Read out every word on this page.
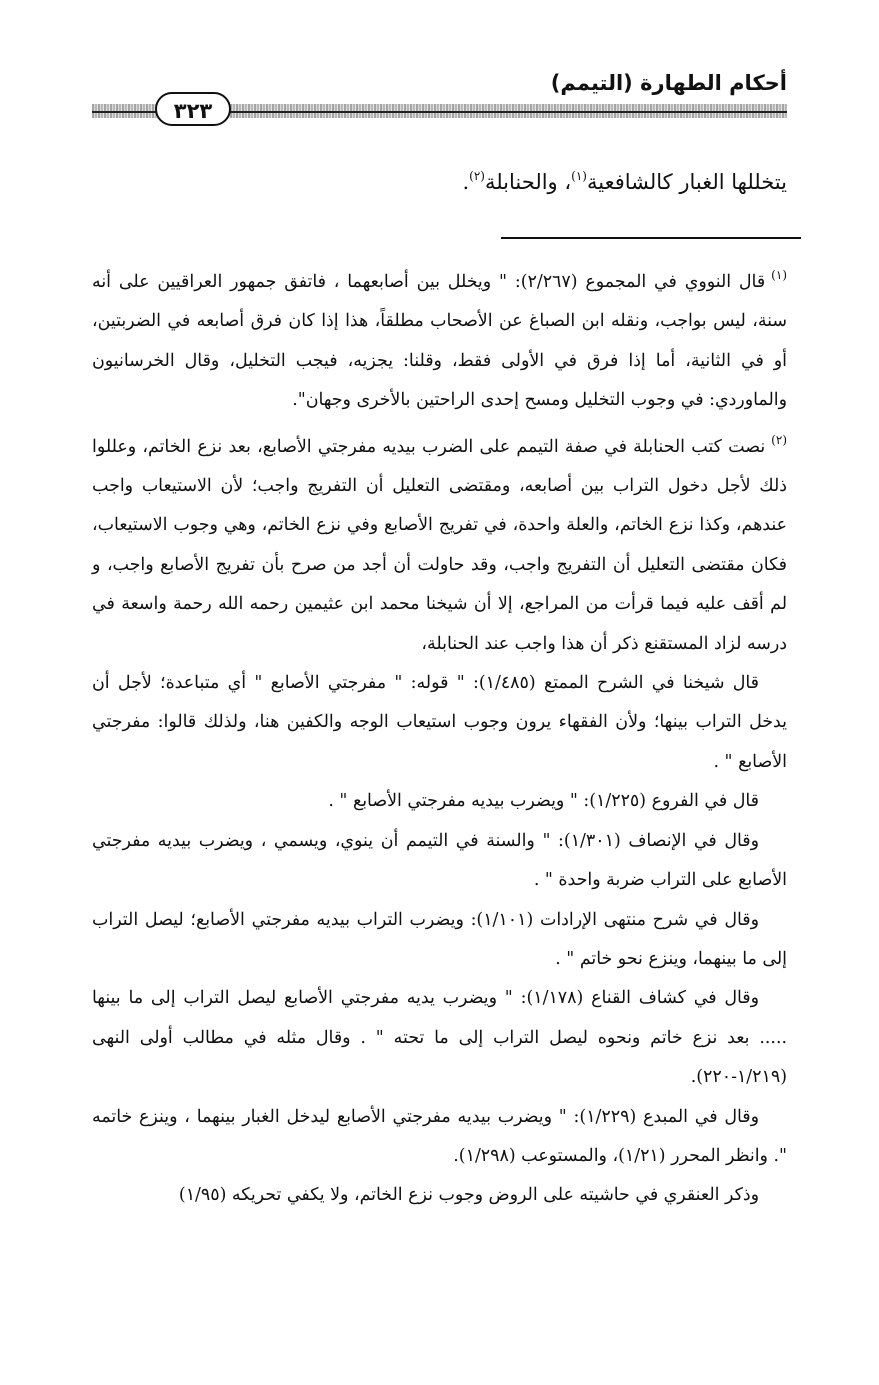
أحكام الطهارة (التيمم)
٣٢٣
يتخللها الغبار كالشافعية$^{(١)}$، والحنابلة$^{(٢)}$.

$^{(١)}$قال النووي في المجموع (٢/٢٦٧): " ويخلل بين أصابعهما ، فاتفق جمهور العراقيين على أنه سنة، ليس بواجب، ونقله ابن الصباغ عن الأصحاب مطلقاً، هذا إذا كان فرق أصابعه في الضربتين، أو في الثانية، أما إذا فرق في الأولى فقط، وقلنا: يجزيه، فيجب التخليل، وقال الخرسانيون والماوردي: في وجوب التخليل ومسح إحدى الراحتين بالأخرى وجهان".

$^{(٢)}$نصت كتب الحنابلة في صفة التيمم على الضرب بيديه مفرجتي الأصابع، بعد نزع الخاتم، وعللوا ذلك لأجل دخول التراب بين أصابعه، ومقتضى التعليل أن التفريج واجب؛ لأن الاستيعاب واجب عندهم، وكذا نزع الخاتم، والعلة واحدة، في تفريج الأصابع وفي نزع الخاتم، وهي وجوب الاستيعاب، فكان مقتضى التعليل أن التفريج واجب، وقد حاولت أن أجد من صرح بأن تفريج الأصابع واجب، و لم أقف عليه فيما قرأت من المراجع، إلا أن شيخنا محمد ابن عثيمين رحمه الله رحمة واسعة في درسه لزاد المستقنع ذكر أن هذا واجب عند الحنابلة،

قال شيخنا في الشرح الممتع (١/٤٨٥): " قوله: " مفرجتي الأصابع " أي متباعدة؛ لأجل أن يدخل التراب بينها؛ ولأن الفقهاء يرون وجوب استيعاب الوجه والكفين هنا، ولذلك قالوا: مفرجتي الأصابع " .

قال في الفروع (١/٢٢٥): " ويضرب بيديه مفرجتي الأصابع " .

وقال في الإنصاف (١/٣٠١): " والسنة في التيمم أن ينوي، ويسمي ، ويضرب بيديه مفرجتي الأصابع على التراب ضربة واحدة " .

وقال في شرح منتهى الإرادات (١/١٠١): ويضرب التراب بيديه مفرجتي الأصابع؛ ليصل التراب إلى ما بينهما، وينزع نحو خاتم " .

وقال في كشاف القناع (١/١٧٨): " ويضرب يديه مفرجتي الأصابع ليصل التراب إلى ما بينها ..... بعد نزع خاتم ونحوه ليصل التراب إلى ما تحته " . وقال مثله في مطالب أولى النهى (١/٢١٩-٢٢٠).

وقال في المبدع (١/٢٢٩): " ويضرب بيديه مفرجتي الأصابع ليدخل الغبار بينهما ، وينزع خاتمه ". وانظر المحرر (١/٢١)، والمستوعب (١/٢٩٨).

وذكر العنقري في حاشيته على الروض وجوب نزع الخاتم، ولا يكفي تحريكه (١/٩٥)
